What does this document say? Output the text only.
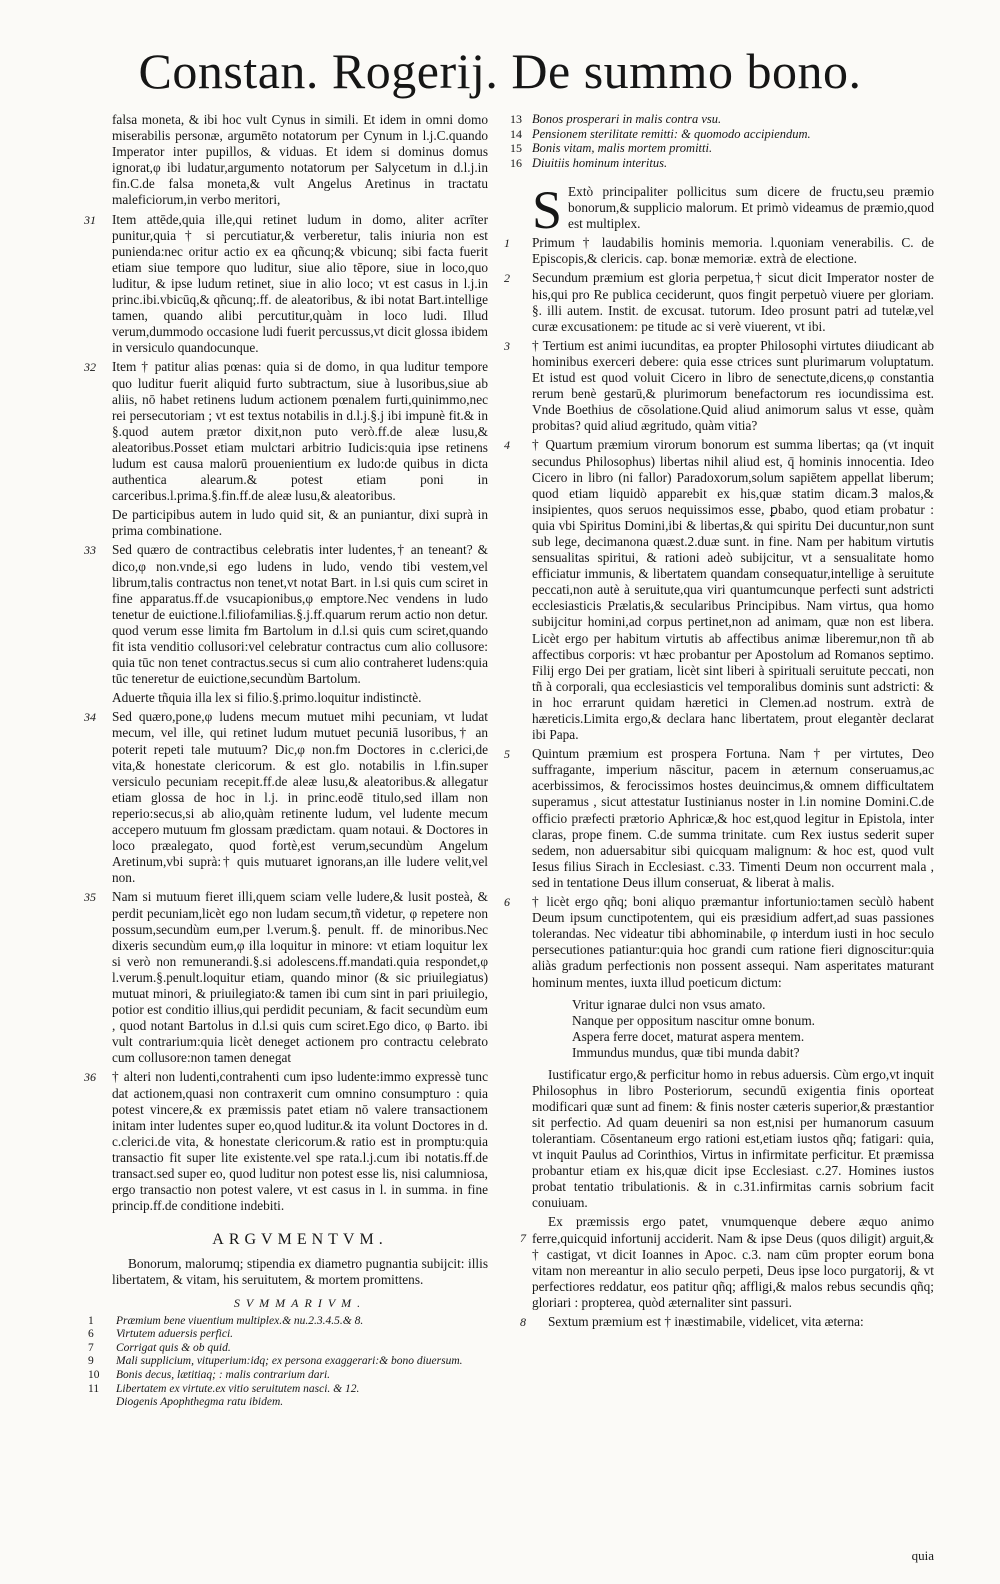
Constan. Rogerij. De summo bono.

falsa moneta, & ibi hoc vult Cynus in simili. Et idem in omni domo miserabilis personæ, argumēto notatorum per Cynum in l.j.C.quando Imperator inter pupillos, & viduas. Et idem si dominus domus ignorat,φ ibi ludatur,argumento notatorum per Salycetum in d.l.j.in fin.C.de falsa moneta,& vult Angelus Aretinus in tractatu maleficiorum,in verbo meritori,

31 Item attēde,quia ille,qui retinet ludum in domo, aliter acrīter punitur,quia † si percutiatur,& verberetur, talis iniuria non est punienda:nec oritur actio ex ea qñcunq;& vbicunq; sibi facta fuerit etiam siue tempore quo luditur, siue alio tēpore, siue in loco,quo luditur, & ipse ludum retinet, siue in alio loco; vt est casus in l.j.in princ.ibi.vbicūq,& qñcunq;.ff. de aleatoribus, & ibi notat Bart.intellige tamen, quando alibi percutitur,quàm in loco ludi. Illud verum,dummodo occasione ludi fuerit percussus,vt dicit glossa ibidem in versiculo quandocunque.

32 Item † patitur alias pœnas: quia si de domo, in qua luditur tempore quo luditur fuerit aliquid furto subtractum, siue à lusoribus,siue ab aliis, nō habet retinens ludum actionem pœnalem furti,quinimmo,nec rei persecutoriam ; vt est textus notabilis in d.l.j.§.j ibi impunè fit.& in §.quod autem prætor dixit,non puto verò.ff.de aleæ lusu,& aleatoribus.Posset etiam mulctari arbitrio Iudicis:quia ipse retinens ludum est causa malorū prouenientium ex ludo:de quibus in dicta authentica alearum.& potest etiam poni in carceribus.l.prima.§.fin.ff.de aleæ lusu,& aleatoribus.

De participibus autem in ludo quid sit, & an puniantur, dixi suprà in prima combinatione.

33 Sed quæro de contractibus celebratis inter ludentes,† an teneant? & dico,φ non.vnde,si ego ludens in ludo, vendo tibi vestem,vel librum,talis contractus non tenet,vt notat Bart. in l.si quis cum sciret in fine apparatus.ff.de vsucapionibus,φ emptore.Nec vendens in ludo tenetur de euictione.l.filiofamilias.§.j.ff.quarum rerum actio non detur. quod verum esse limita fm Bartolum in d.l.si quis cum sciret,quando fit ista venditio collusori:vel celebratur contractus cum alio collusore: quia tūc non tenet contractus.secus si cum alio contraheret ludens:quia tūc teneretur de euictione,secundùm Bartolum.

Aduerte tñquia illa lex si filio.§.primo.loquitur indistinctè.

34 Sed quæro,pone,φ ludens mecum mutuet mihi pecuniam, vt ludat mecum, vel ille, qui retinet ludum mutuet pecuniā lusoribus,† an poterit repeti tale mutuum? Dic,φ non.fm Doctores in c.clerici,de vita,& honestate clericorum. & est glo. notabilis in l.fin.super versiculo pecuniam recepit.ff.de aleæ lusu,& aleatoribus.& allegatur etiam glossa de hoc in l.j. in princ.eodē titulo,sed illam non reperio:secus,si ab alio,quàm retinente ludum, vel ludente mecum accepero mutuum fm glossam prædictam. quam notaui. & Doctores in loco præalegato, quod fortè,est verum,secundùm Angelum Aretinum,vbi suprà:† quis mutuaret ignorans,an ille ludere velit,vel non.

35 Nam si mutuum fieret illi,quem sciam velle ludere,& lusit posteà, & perdit pecuniam,licèt ego non ludam secum,tñ videtur, φ repetere non possum,secundùm eum,per l.verum.§. penult. ff. de minoribus.Nec dixeris secundùm eum,φ illa loquitur in minore: vt etiam loquitur lex si verò non remunerandi.§.si adolescens.ff.mandati.quia respondet,φ l.verum.§.penult.loquitur etiam, quando minor (& sic priuilegiatus) mutuat minori, & priuilegiato:& tamen ibi cum sint in pari priuilegio, potior est conditio illius,qui perdidit pecuniam, & facit secundùm eum , quod notant Bartolus in d.l.si quis cum sciret.Ego dico, φ Barto. ibi vult contrarium:quia licèt deneget actionem pro contractu celebrato cum collusore:non tamen denegat

36 † alteri non ludenti,contrahenti cum ipso ludente:immo expressè tunc dat actionem,quasi non contraxerit cum omnino consumpturo : quia potest vincere,& ex præmissis patet etiam nō valere transactionem initam inter ludentes super eo,quod luditur.& ita volunt Doctores in d. c.clerici.de vita, & honestate clericorum.& ratio est in promptu:quia transactio fit super lite existente.vel spe rata.l.j.cum ibi notatis.ff.de transact.sed super eo, quod luditur non potest esse lis, nisi calumniosa, ergo transactio non potest valere, vt est casus in l. in summa. in fine princip.ff.de conditione indebiti.

ARGVMENTVM.

Bonorum, malorumq; stipendia ex diametro pugnantia subijcit: illis libertatem, & vitam, his seruitutem, & mortem promittens.

SVMMARIVM.
1 Præmium bene viuentium multiplex.& nu.2.3.4.5.& 8.
6 Virtutem aduersis perfici.
7 Corrigat quis & ob quid.
9 Mali supplicium, vituperium:idq; ex persona exaggerari:& bono diuersum.
10 Bonis decus, lætitiaq; : malis contrarium dari.
11 Libertatem ex virtute.ex vitio seruitutem nasci. & 12.
Diogenis Apophthegma ratu ibidem.
13 Bonos prosperari in malis contra vsu.
14 Pensionem sterilitate remitti: & quomodo accipiendum.
15 Bonis vitam, malis mortem promitti.
16 Diuitiis hominum interitus.

S Extò principaliter pollicitus sum dicere de fructu,seu præmio bonorum,& supplicio malorum. Et primò videamus de præmio,quod est multiplex.

1 Primum † laudabilis hominis memoria. l.quoniam venerabilis. C. de Episcopis,& clericis. cap. bonæ memoriæ. extrà de electione.

2 Secundum præmium est gloria perpetua,† sicut dicit Imperator noster de his,qui pro Re publica ceciderunt, quos fingit perpetuò viuere per gloriam. §. illi autem. Instit. de excusat. tutorum. Ideo prosunt patri ad tutelæ,vel curæ excusationem: pe titude ac si verè viuerent, vt ibi.

3 † Tertium est animi iucunditas, ea propter Philosophi virtutes diiudicant ab hominibus exerceri debere: quia esse ctrices sunt plurimarum voluptatum. Et istud est quod voluit Cicero in libro de senectute,dicens,φ constantia rerum benè gestarū,& plurimorum benefactorum res iocundissima est. Vnde Boethius de cōsolatione.Quid aliud animorum salus vt esse, quàm probitas? quid aliud ægritudo, quàm vitia?

4 † Quartum præmium virorum bonorum est summa libertas; qa (vt inquit secundus Philosophus) libertas nihil aliud est, q̄ hominis innocentia. Ideo Cicero in libro (ni fallor) Paradoxorum,solum sapiētem appellat liberum; quod etiam liquidò apparebit ex his,quæ statim dicam.Ꝫ malos,& insipientes, quos seruos nequissimos esse, ꝑbabo, quod etiam probatur : quia vbi Spiritus Domini,ibi & libertas,& qui spiritu Dei ducuntur,non sunt sub lege, decimanona quæst.2.duæ sunt. in fine. Nam per habitum virtutis sensualitas spiritui, & rationi adeò subijcitur, vt a sensualitate homo efficiatur immunis, & libertatem quandam consequatur,intellige à seruitute peccati,non autè à seruitute,qua viri quantumcunque perfecti sunt adstricti ecclesiasticis Prælatis,& secularibus Principibus. Nam virtus, qua homo subijcitur homini,ad corpus pertinet,non ad animam, quæ non est libera. Licèt ergo per habitum virtutis ab affectibus animæ liberemur,non tñ ab affectibus corporis: vt hæc probantur per Apostolum ad Romanos septimo. Filij ergo Dei per gratiam, licèt sint liberi à spirituali seruitute peccati, non tñ à corporali, qua ecclesiasticis vel temporalibus dominis sunt adstricti: & in hoc errarunt quidam hæretici in Clemen.ad nostrum. extrà de hæreticis.Limita ergo,& declara hanc libertatem, prout elegantèr declarat ibi Papa.

5 Quintum præmium est prospera Fortuna. Nam † per virtutes, Deo suffragante, imperium nāscitur, pacem in æternum conseruamus,ac acerbissimos, & ferocissimos hostes deuincimus,& omnem difficultatem superamus , sicut attestatur Iustinianus noster in l.in nomine Domini.C.de officio præfecti prætorio Aphricæ,& hoc est,quod legitur in Epistola, inter claras, prope finem. C.de summa trinitate. cum Rex iustus sederit super sedem, non aduersabitur sibi quicquam malignum: & hoc est, quod vult Iesus filius Sirach in Ecclesiast. c.33. Timenti Deum non occurrent mala , sed in tentatione Deus illum conseruat, & liberat à malis.

6 † licèt ergo qñq; boni aliquo præmantur infortunio:tamen secùlò habent Deum ipsum cunctipotentem, qui eis præsidium adfert,ad suas passiones tolerandas. Nec videatur tibi abhominabile, φ interdum iusti in hoc seculo persecutiones patiantur:quia hoc grandi cum ratione fieri dignoscitur:quia aliàs gradum perfectionis non possent assequi. Nam asperitates maturant hominum mentes, iuxta illud poeticum dictum:

Vritur ignarae dulci non vsus amato.
Nanque per oppositum nascitur omne bonum.
Aspera ferre docet, maturat aspera mentem.
Immundus mundus, quæ tibi munda dabit?

Iustificatur ergo,& perficitur homo in rebus aduersis. Cùm ergo,vt inquit Philosophus in libro Posteriorum, secundū exigentia finis oporteat modificari quæ sunt ad finem: & finis noster cæteris superior,& præstantior sit perfectio. Ad quam deueniri sa non est,nisi per humanorum casuum tolerantiam. Cōsentaneum ergo rationi est,etiam iustos qñq; fatigari: quia, vt inquit Paulus ad Corinthios, Virtus in infirmitate perficitur. Et præmissa probantur etiam ex his,quæ dicit ipse Ecclesiast. c.27. Homines iustos probat tentatio tribulationis. & in c.31.infirmitas carnis sobrium facit conuiuam.

Ex præmissis ergo patet, vnumquenque debere æquo animo ferre,quicquid infortunij acciderit. Nam & ipse Deus (quos diligit) arguit,& † castigat, vt dicit Ioannes in Apoc. c.3. nam cūm propter eorum bona vitam non mereantur in alio seculo perpeti, Deus ipse loco purgatorij, & vt perfectiores reddatur, eos patitur qñq; affligi,& malos rebus secundis qñq; gloriari : propterea, quòd æternaliter sint passuri.
7

8 Sextum præmium est † inæstimabile, videlicet, vita æterna:

quia
